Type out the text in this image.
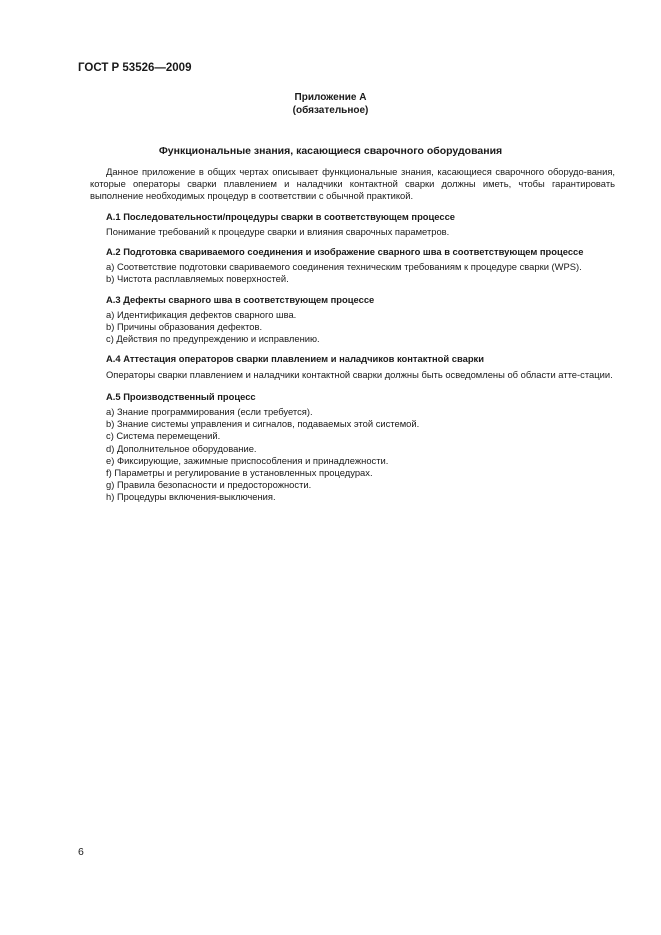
ГОСТ Р 53526—2009
Приложение А
(обязательное)
Функциональные знания, касающиеся сварочного оборудования

Данное приложение в общих чертах описывает функциональные знания, касающиеся сварочного оборудо-вания, которые операторы сварки плавлением и наладчики контактной сварки должны иметь, чтобы гарантировать выполнение необходимых процедур в соответствии с обычной практикой.

А.1 Последовательности/процедуры сварки в соответствующем процессе

Понимание требований к процедуре сварки и влияния сварочных параметров.

А.2 Подготовка свариваемого соединения и изображение сварного шва в соответствующем процессе

a) Соответствие подготовки свариваемого соединения техническим требованиям к процедуре сварки (WPS).

b) Чистота расплавляемых поверхностей.

А.3 Дефекты сварного шва в соответствующем процессе

a) Идентификация дефектов сварного шва.

b) Причины образования дефектов.

c) Действия по предупреждению и исправлению.

А.4 Аттестация операторов сварки плавлением и наладчиков контактной сварки

Операторы сварки плавлением и наладчики контактной сварки должны быть осведомлены об области атте-стации.

А.5 Производственный процесс

a) Знание программирования (если требуется).

b) Знание системы управления и сигналов, подаваемых этой системой.

c) Система перемещений.

d) Дополнительное оборудование.

e) Фиксирующие, зажимные приспособления и принадлежности.

f) Параметры и регулирование в установленных процедурах.

g) Правила безопасности и предосторожности.

h) Процедуры включения-выключения.

6
